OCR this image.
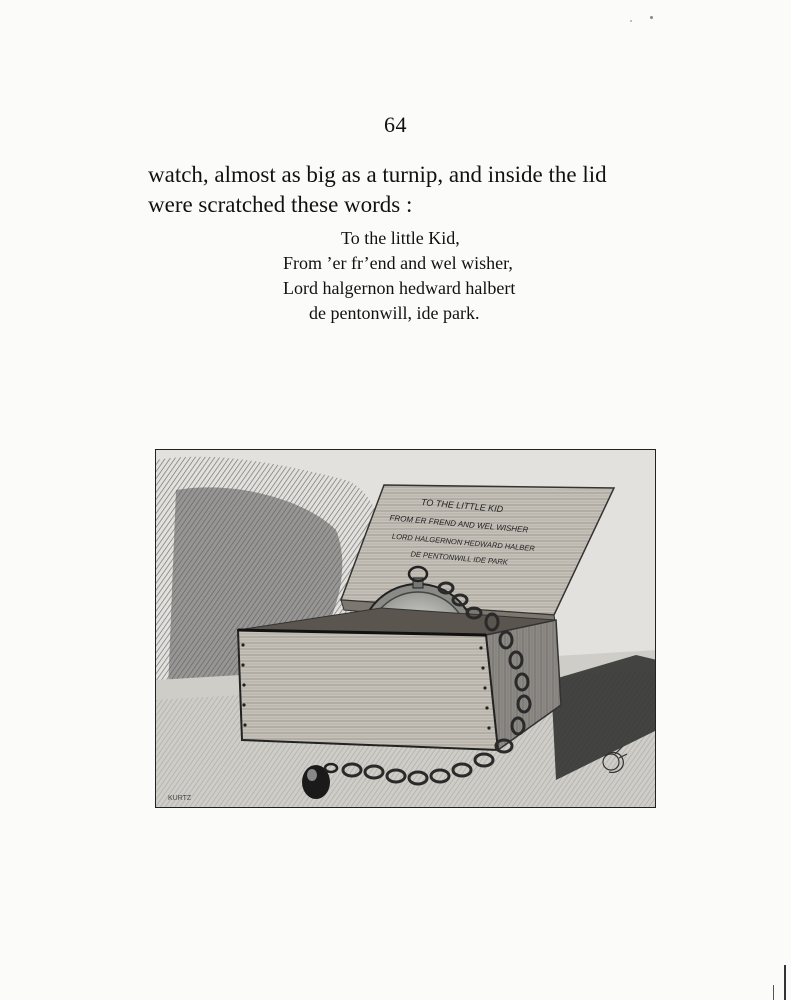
64
watch, almost as big as a turnip, and inside the lid
were scratched these words :
To the little Kid,
From ’er fr’end and wel wisher,
Lord halgernon hedward halbert
de pentonwill, ide park.
TO THE LITTLE KID
FROM ER FREND AND WEL WISHER
LORD HALGERNON HEDWARD HALBER
DE PENTONWILL IDE PARK
KURTZ
